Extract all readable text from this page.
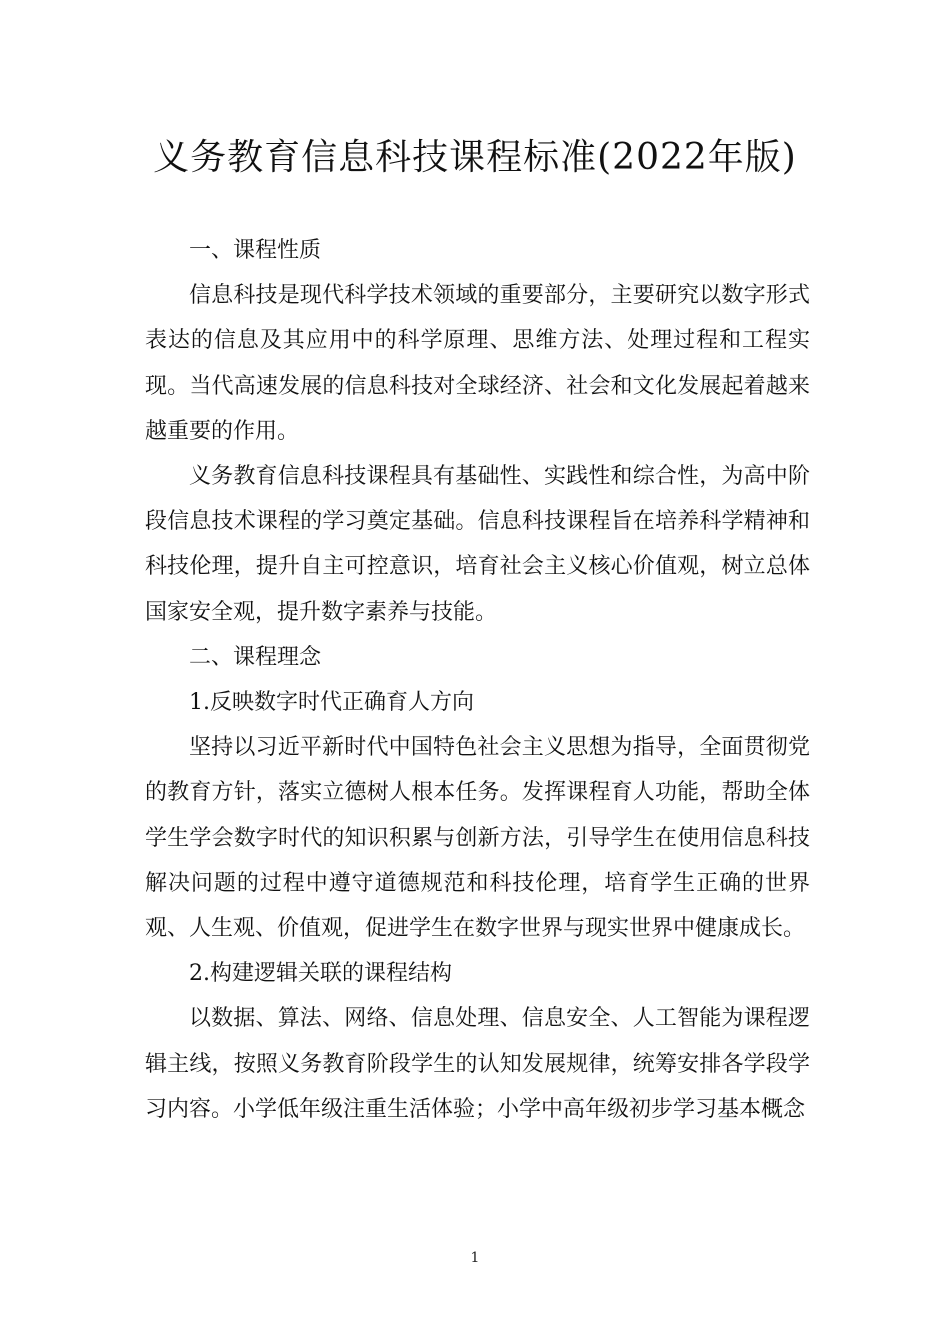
义务教育信息科技课程标准(2022年版)

一、课程性质

信息科技是现代科学技术领域的重要部分，主要研究以数字形式表达的信息及其应用中的科学原理、思维方法、处理过程和工程实现。当代高速发展的信息科技对全球经济、社会和文化发展起着越来越重要的作用。

义务教育信息科技课程具有基础性、实践性和综合性，为高中阶段信息技术课程的学习奠定基础。信息科技课程旨在培养科学精神和科技伦理，提升自主可控意识，培育社会主义核心价值观，树立总体国家安全观，提升数字素养与技能。

二、课程理念

1.反映数字时代正确育人方向

坚持以习近平新时代中国特色社会主义思想为指导，全面贯彻党的教育方针，落实立德树人根本任务。发挥课程育人功能，帮助全体学生学会数字时代的知识积累与创新方法，引导学生在使用信息科技解决问题的过程中遵守道德规范和科技伦理，培育学生正确的世界观、人生观、价值观，促进学生在数字世界与现实世界中健康成长。

2.构建逻辑关联的课程结构

以数据、算法、网络、信息处理、信息安全、人工智能为课程逻辑主线，按照义务教育阶段学生的认知发展规律，统筹安排各学段学习内容。小学低年级注重生活体验；小学中高年级初步学习基本概念

1
